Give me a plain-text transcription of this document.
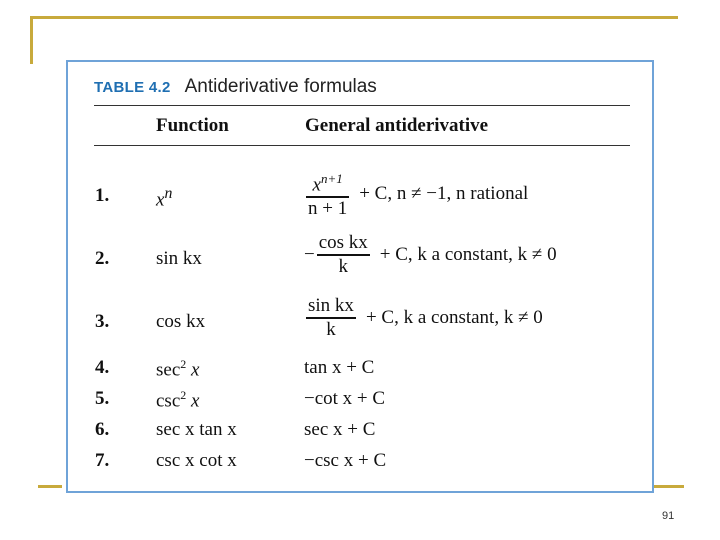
TABLE 4.2 Antiderivative formulas
Function	General antiderivative
1. $x^n$	$\frac{x^{n+1}}{n + 1} + C$, n ≠ −1, n rational
2. sin kx	− $\frac{\text{cos kx}}{k} + C$, k a constant, k ≠ 0
3. cos kx	$\frac{\text{sin kx}}{k} + C$, k a constant, k ≠ 0
4. $\sec^2 x$	tan x + C
5. $\csc^2 x$	−cot x + C
6. sec x tan x	sec x + C
7. csc x cot x	−csc x + C
91
